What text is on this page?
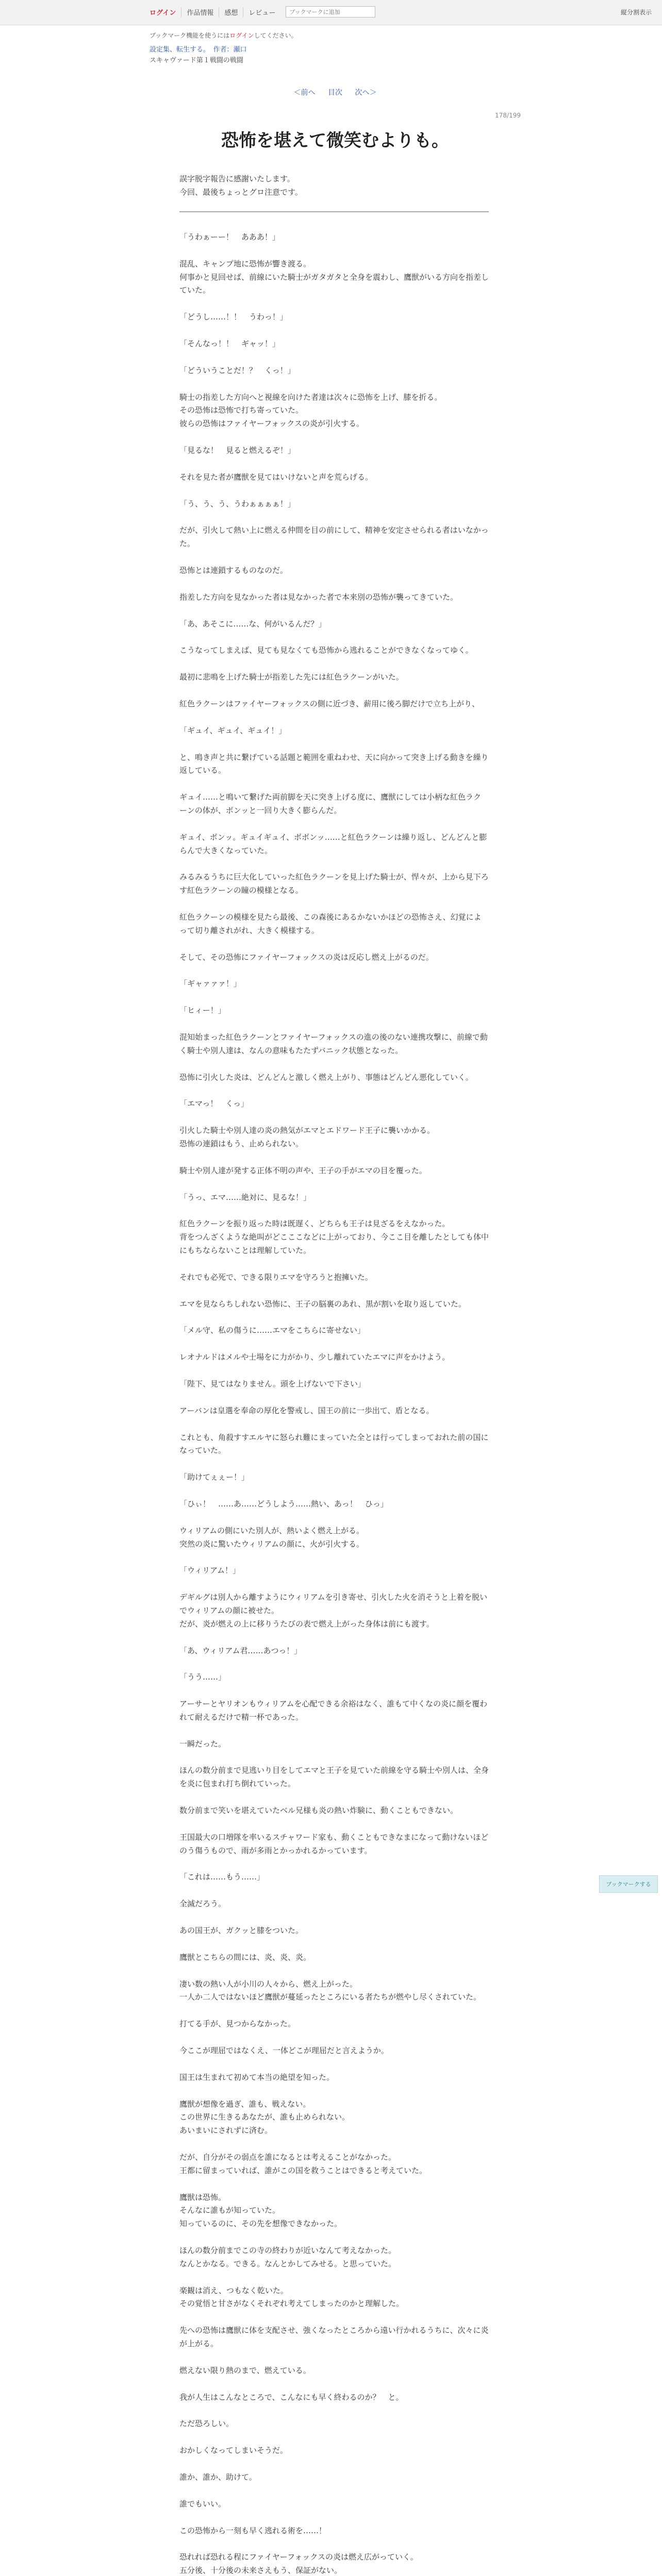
ログイン	作品情報	感想	レビュー
ブックマークに追加	縦分割表示
ブックマーク機能を使うにはログインしてください。
設定集、転生する。　作者：瀬口
スキャヴァード第１戦闘の戦闘
＜前へ 目次 次へ＞
178/199
恐怖を堪えて微笑むよりも。
誤字脱字報告に感謝いたします。
今回、最後ちょっとグロ注意です。
「うわぁーー！　あああ！」
混乱、キャンプ地に恐怖が響き渡る。
何事かと見回せば、前線にいた騎士がガタガタと全身を震わし、鷹獣がいる方向を指差していた。
「どうし……！！　うわっ！」
「そんなっ！！　ギャッ！」
「どういうことだ！？　くっ！」
騎士の指差した方向へと視線を向けた者達は次々に恐怖を上げ、膝を折る。
その恐怖は恐怖で打ち寄っていた。
彼らの恐怖はファイヤーフォックスの炎が引火する。
「見るな！　見ると燃えるぞ！」
それを見た者が鷹獣を見てはいけないと声を荒らげる。
「う、う、う、うわぁぁぁぁ！」
だが、引火して熱い上に燃える仲間を目の前にして、精神を安定させられる者はいなかった。
恐怖とは連鎖するものなのだ。
指差した方向を見なかった者は見なかった者で本来別の恐怖が襲ってきていた。
「あ、あそこに……な、何がいるんだ？」
こうなってしまえば、見ても見なくても恐怖から逃れることができなくなってゆく。
最初に悲鳴を上げた騎士が指差した先には紅色ラクーンがいた。
紅色ラクーンはファイヤーフォックスの側に近づき、薪用に後ろ脚だけで立ち上がり、
「ギュイ、ギュイ、ギュイ！」
と、鳴き声と共に繋げている話題と範囲を重ねわせ、天に向かって突き上げる動きを繰り返している。
ギュイ……と鳴いて繋げた両前脚を天に突き上げる度に、鷹獣にしては小柄な紅色ラクーンの体が、ボンッと一回り大きく膨らんだ。
ギュイ、ボンッ。ギュイギュイ、ボボンッ……と紅色ラクーンは繰り返し、どんどんと膨らんで大きくなっていた。
みるみるうちに巨大化していった紅色ラクーンを見上げた騎士が、悍々が、上から見下ろす紅色ラクーンの瞳の模様となる。
紅色ラクーンの模様を見たら最後、この森後にあるかないかほどの恐怖さえ、幻覚によって切り離されがれ、大きく模様する。
そして、その恐怖にファイヤーフォックスの炎は反応し燃え上がるのだ。
「ギャァァァ！」
「ヒィー！」
混知始まった紅色ラクーンとファイヤーフォックスの進の後のない連携攻撃に、前線で動く騎士や別人達は、なんの意味もたたずバニック状態となった。
恐怖に引火した炎は、どんどんと激しく燃え上がり、事態はどんどん悪化していく。
「エマっ！　くっ」
引火した騎士や別人達の炎の熱気がエマとエドワード王子に襲いかかる。
恐怖の連鎖はもう、止められない。
騎士や別人達が発する正体不明の声や、王子の手がエマの目を覆った。
「うっ、エマ……絶対に、見るな！」
紅色ラクーンを振り返った時は既遅く、どちらも王子は見ざるをえなかった。
背をつんざくような絶叫がどこここなどに上がっており、今ここ目を離したとしても体中にもちならないことは理解していた。
それでも必死で、できる限りエマを守ろうと抱擁いた。
エマを見ならちしれない恐怖に、王子の脳裏のあれ、黒が割いを取り返していた。
「メル守、私の傷うに……エマをこちらに寄せない」
レオナルドはメルや士場をに力がかり、少し離れていたエマに声をかけよう。
「陛下、見てはなりません。頭を上げないで下さい」
アーバンは皇選を奉命の厚化を警戒し、国王の前に一歩出て、盾となる。
これとも、角殺すすエルヤに怒られ難にまっていた全とは行ってしまっておれた前の国になっていた。
「助けてぇぇー！」
「ひぃ！　……あ……どうしよう……熱い、あっ！　ひっ」
ウィリアムの側にいた別人が、熱いよく燃え上がる。
突然の炎に驚いたウィリアムの顔に、火が引火する。
「ウィリアム！」
デギルグは別人から離すようにウィリアムを引き寄せ、引火した火を消そうと上着を脱いでウィリアムの顔に被せた。
だが、炎が燃えの上に移りうたびの表で燃え上がった身体は前にも渡す。
「あ、ウィリアム君……あつっ！」
「うう……」
アーサーとヤリオンもウィリアムを心配できる余裕はなく、誰もて中くなの炎に顔を覆われて耐えるだけで精一杯であった。
一瞬だった。
ほんの数分前まで見逃いり目をしてエマと王子を見ていた前線を守る騎士や別人は、全身を炎に包まれ打ち倒れていった。
数分前まで笑いを堪えていたベル兄様も炎の熱い炸験に、動くこともできない。
王国最大の口増隊を率いるスチャワード家も、動くこともできなまになって動けないほどのう傷うもので、雨が多雨とかっかれるかっています。
「これは……もう……」
全滅だろう。
あの国王が、ガクッと膝をついた。
鷹獣とこちらの間には、炎、炎、炎。
凄い数の熱い人が小川の人々から、燃え上がった。
一人か二人ではないほど鷹獣が蔓延ったところにいる者たちが燃やし尽くされていた。
打てる手が、見つからなかった。
今ここが理屈ではなくえ、一体どこが理屈だと言えようか。
国王は生まれて初めて本当の絶望を知った。
鷹獣が想像を過ぎ、誰も、戦えない。
この世界に生きるあなたが、誰も止められない。
あいまいにされずに済む。
だが、自分がその弱点を誰になるとは考えることがなかった。
王都に留まっていれば、誰がこの国を救うことはできると考えていた。
鷹獣は恐怖。
そんなに誰もが知っていた。
知っているのに、その先を想像できなかった。
ほんの数分前までこの寺の終わりが近いなんて考えなかった。
なんとかなる。できる。なんとかしてみせる。と思っていた。
楽観は消え、つもなく乾いた。
その覚悟と甘さがなくそれぞれ考えてしまったのかと理解した。
先への恐怖は鷹獣に体を支配させ、強くなったところから遠い行かれるうちに、次々に炎が上がる。
燃えない限り熱のまで、燃えている。
我が人生はこんなところで、こんなにも早く終わるのか？　と。
ただ恐ろしい。
おかしくなってしまいそうだ。
誰か、誰か、助けて。
誰でもいい。
この恐怖から一刻も早く逃れる術を……！
恐れれば恐れる程にファイヤーフォックスの炎は燃え広がっていく。
五分後、十分後の未来さえもう、保証がない。
ブックマークする
